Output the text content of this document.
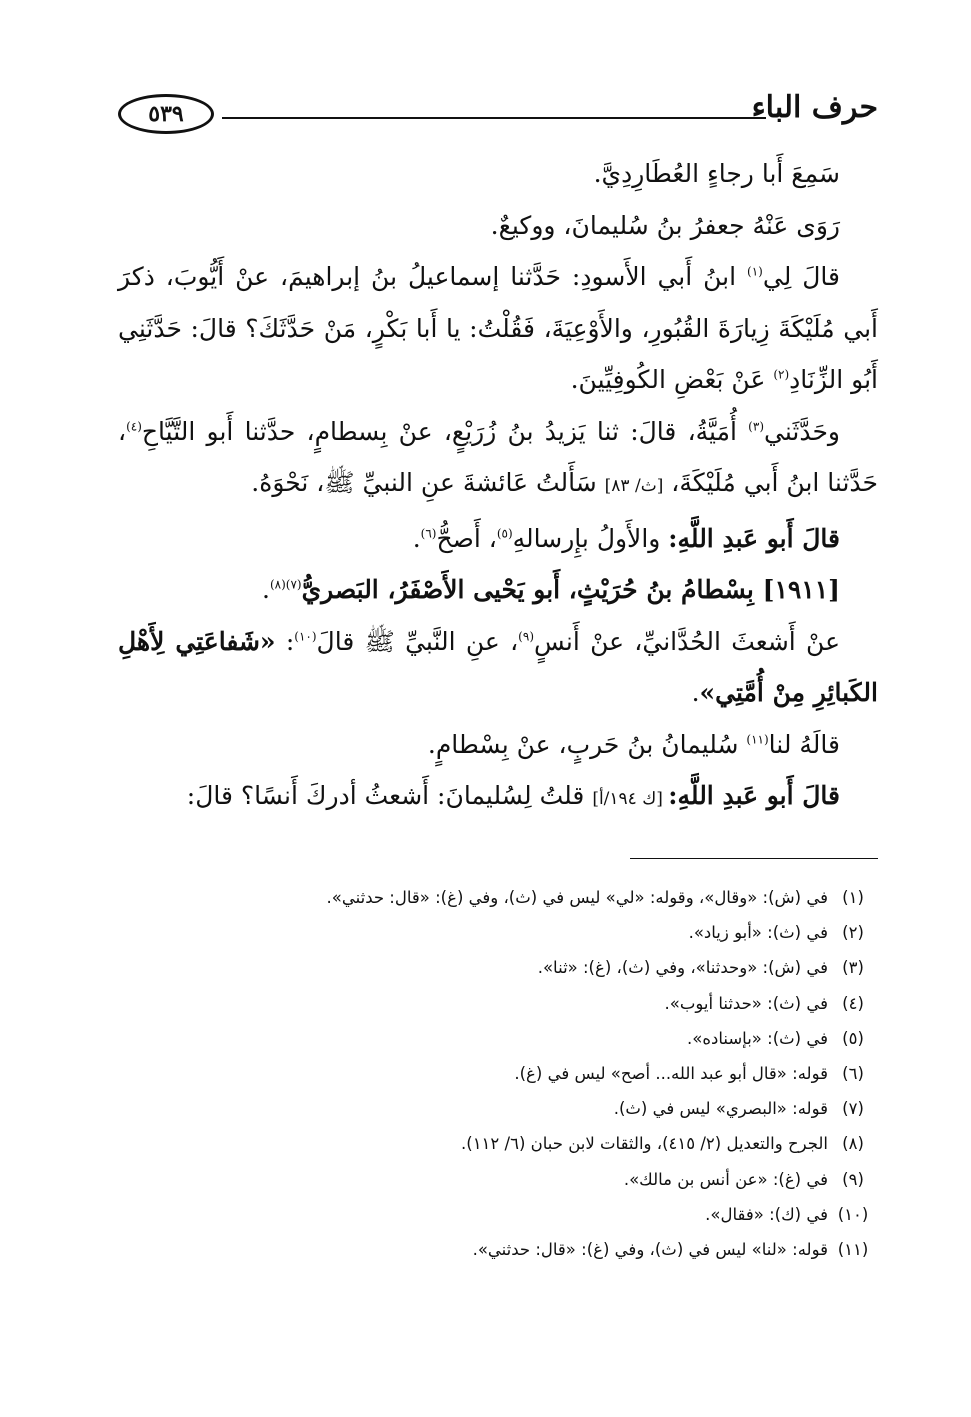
حرف الباء
٥٣٩

سَمِعَ أَبا رجاءٍ العُطَارِدِيَّ.

رَوَى عَنْهُ جعفرُ بنُ سُليمانَ، ووكيعٌ.

قالَ لِي$^{(١)}$ ابنُ أَبي الأَسودِ: حَدَّثنا إسماعيلُ بنُ إبراهيمَ، عنْ أَيُّوبَ، ذكرَ أَبي مُلَيْكَةَ زِيارَةَ القُبُورِ، والأَوْعِيَةَ، فَقُلْتُ: يا أَبا بَكْرٍ، مَنْ حَدَّثَكَ؟ قالَ: حَدَّثَنِي أَبُو الزِّنَادِ$^{(٢)}$ عَنْ بَعْضِ الكُوفِيِّينَ.

وحَدَّثَني$^{(٣)}$ أُمَيَّةُ، قالَ: ثنا يَزيدُ بنُ زُرَيْعٍ، عنْ بِسطامٍ، حدَّثنا أَبو التَّيَّاحِ$^{(٤)}$، حَدَّثنا ابنُ أَبي مُلَيْكَةَ، [ث/ ٨٣] سَأَلتُ عَائشةَ عنِ النبيِّ ﷺ، نَحْوَهُ.

قالَ أَبو عَبدِ اللَّهِ: والأَولُ بإِرسالهِ$^{(٥)}$، أَصحُّ$^{(٦)}$.

[١٩١١] بِسْطامُ بنُ حُرَيْثٍ، أَبو يَحْيى الأَصْفَرُ، البَصريُّ$^{(٧)(٨)}$.

عنْ أَشعثَ الحُدَّانيِّ، عنْ أَنسٍ$^{(٩)}$، عنِ النَّبيِّ ﷺ قالَ$^{(١٠)}$: «شَفاعَتِي لِأَهْلِ الكَبائِرِ مِنْ أُمَّتِي».

قالَهُ لنا$^{(١١)}$ سُليمانُ بنُ حَربٍ، عنْ بِسْطامٍ.

قالَ أَبو عَبدِ اللَّهِ: [ك ١٩٤/أ] قلتُ لِسُليمانَ: أَشعثُ أدركَ أَنسًا؟ قالَ:

(١)
في (ش): «وقال»، وقوله: «لي» ليس في (ث)، وفي (غ): «قال: حدثني».
(٢)
في (ث): «أبو زياد».
(٣)
في (ش): «وحدثنا»، وفي (ث)، (غ): «ثنا».
(٤)
في (ث): «حدثنا أيوب».
(٥)
في (ث): «بإسناده».
(٦)
قوله: «قال أبو عبد الله... أصح» ليس في (غ).
(٧)
قوله: «البصري» ليس في (ث).
(٨)
الجرح والتعديل (٢/ ٤١٥)، والثقات لابن حبان (٦/ ١١٢).
(٩)
في (غ): «عن أنس بن مالك».
(١٠)
في (ك): «فقال».
(١١)
قوله: «لنا» ليس في (ث)، وفي (غ): «قال: حدثني».
